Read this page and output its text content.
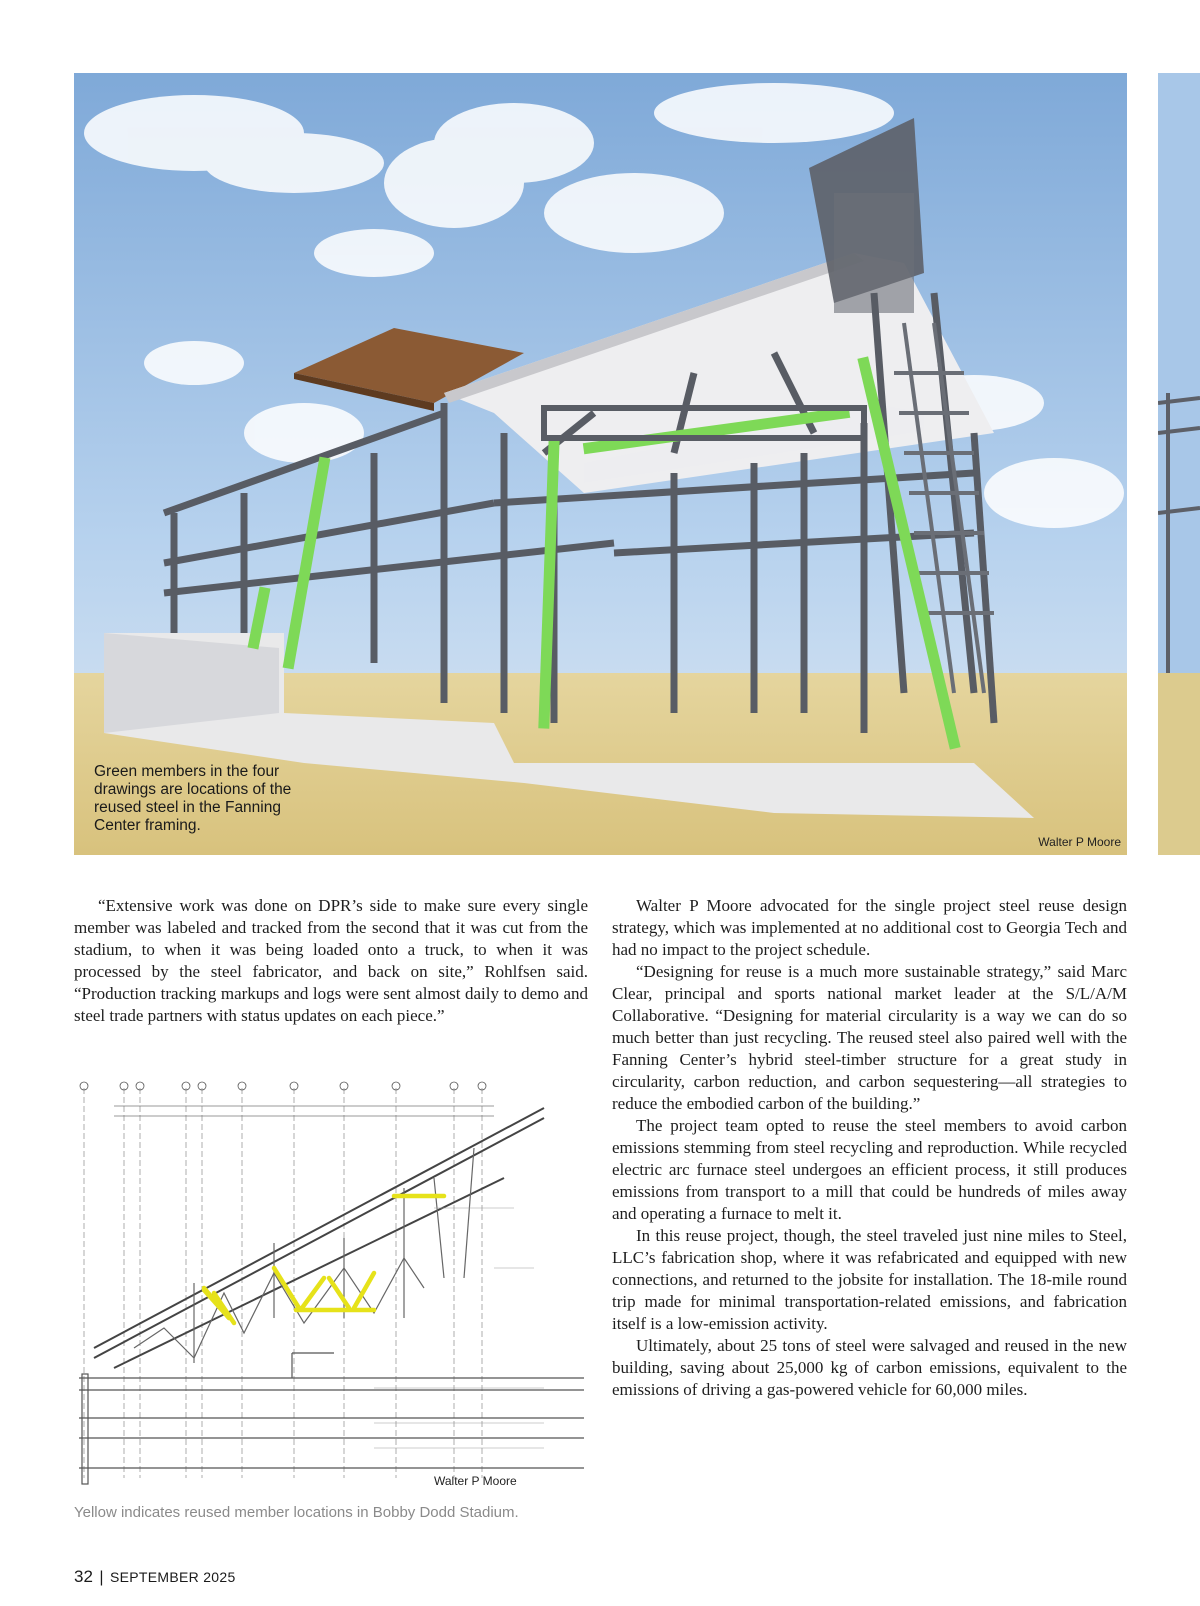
Green members in the four drawings are locations of the reused steel in the Fanning Center framing.
Walter P Moore

“Extensive work was done on DPR’s side to make sure every single member was labeled and tracked from the second that it was cut from the stadium, to when it was being loaded onto a truck, to when it was processed by the steel fabricator, and back on site,” Rohlfsen said. “Production tracking markups and logs were sent almost daily to demo and steel trade partners with status updates on each piece.”

Walter P Moore
Yellow indicates reused member locations in Bobby Dodd Stadium.

Walter P Moore advocated for the single project steel reuse design strategy, which was implemented at no additional cost to Georgia Tech and had no impact to the project schedule.

“Designing for reuse is a much more sustainable strategy,” said Marc Clear, principal and sports national market leader at the S/L/A/M Collaborative. “Designing for material circularity is a way we can do so much better than just recycling. The reused steel also paired well with the Fanning Center’s hybrid steel-timber structure for a great study in circularity, carbon reduction, and carbon sequestering—all strategies to reduce the embodied carbon of the building.”

The project team opted to reuse the steel members to avoid carbon emissions stemming from steel recycling and reproduction. While recycled electric arc furnace steel undergoes an efficient process, it still produces emissions from transport to a mill that could be hundreds of miles away and operating a furnace to melt it.

In this reuse project, though, the steel traveled just nine miles to Steel, LLC’s fabrication shop, where it was refabricated and equipped with new connections, and returned to the jobsite for installation. The 18-mile round trip made for minimal transportation-related emissions, and fabrication itself is a low-emission activity.

Ultimately, about 25 tons of steel were salvaged and reused in the new building, saving about 25,000 kg of carbon emissions, equivalent to the emissions of driving a gas-powered vehicle for 60,000 miles.

32 | SEPTEMBER 2025
